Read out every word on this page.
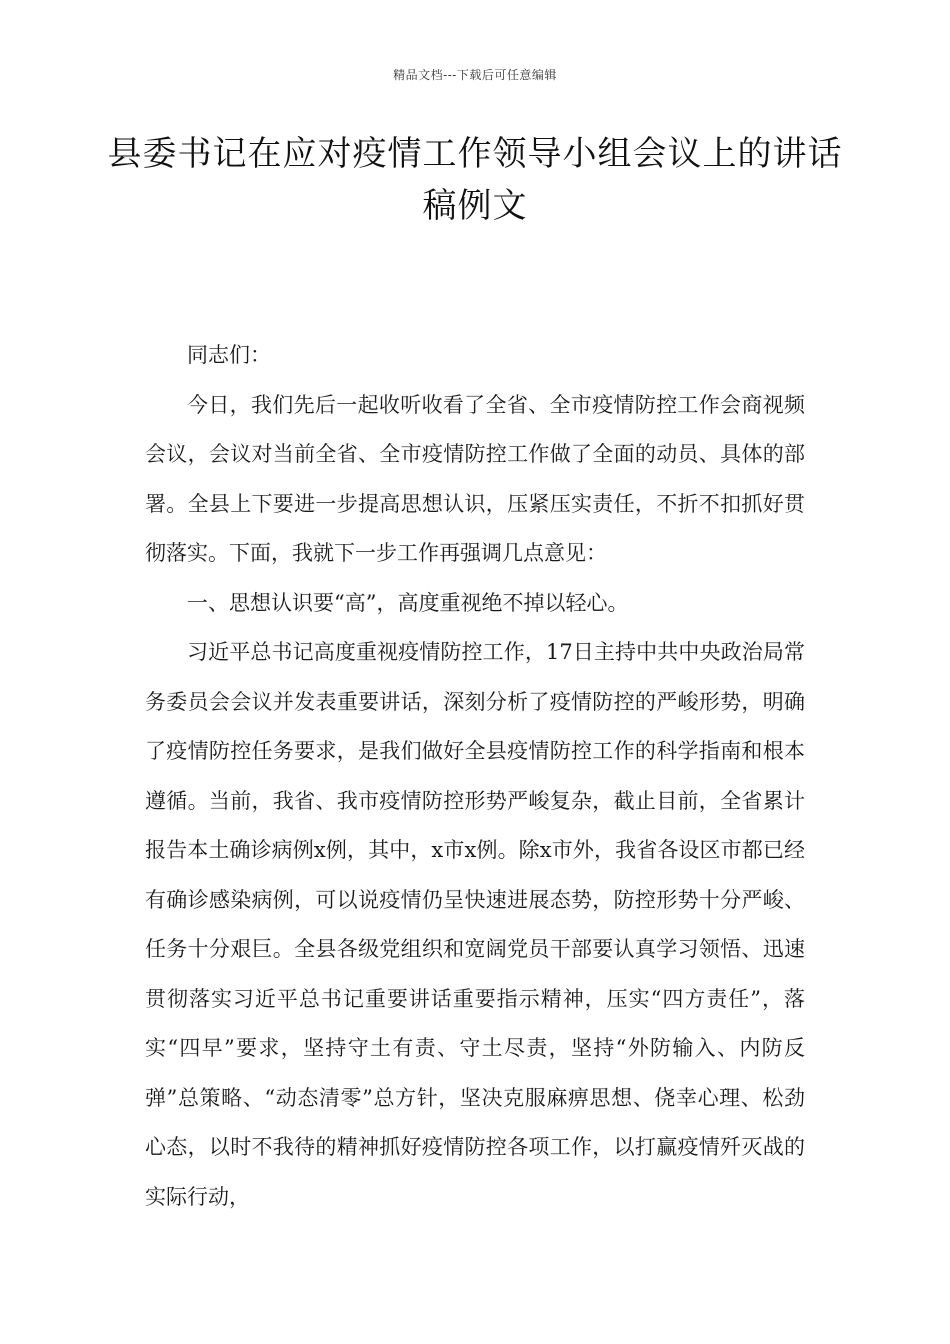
精品文档---下载后可任意编辑
县委书记在应对疫情工作领导小组会议上的讲话稿例文

同志们：

今日，我们先后一起收听收看了全省、全市疫情防控工作会商视频会议，会议对当前全省、全市疫情防控工作做了全面的动员、具体的部署。全县上下要进一步提高思想认识，压紧压实责任，不折不扣抓好贯彻落实。下面，我就下一步工作再强调几点意见：

一、思想认识要“高”，高度重视绝不掉以轻心。

习近平总书记高度重视疫情防控工作，17日主持中共中央政治局常务委员会会议并发表重要讲话，深刻分析了疫情防控的严峻形势，明确了疫情防控任务要求，是我们做好全县疫情防控工作的科学指南和根本遵循。当前，我省、我市疫情防控形势严峻复杂，截止目前，全省累计报告本土确诊病例x例，其中，x市x例。除x市外，我省各设区市都已经有确诊感染病例，可以说疫情仍呈快速进展态势，防控形势十分严峻、任务十分艰巨。全县各级党组织和宽阔党员干部要认真学习领悟、迅速贯彻落实习近平总书记重要讲话重要指示精神，压实“四方责任”，落实“四早”要求，坚持守土有责、守土尽责，坚持“外防输入、内防反弹”总策略、“动态清零”总方针，坚决克服麻痹思想、侥幸心理、松劲心态，以时不我待的精神抓好疫情防控各项工作，以打赢疫情歼灭战的实际行动，
